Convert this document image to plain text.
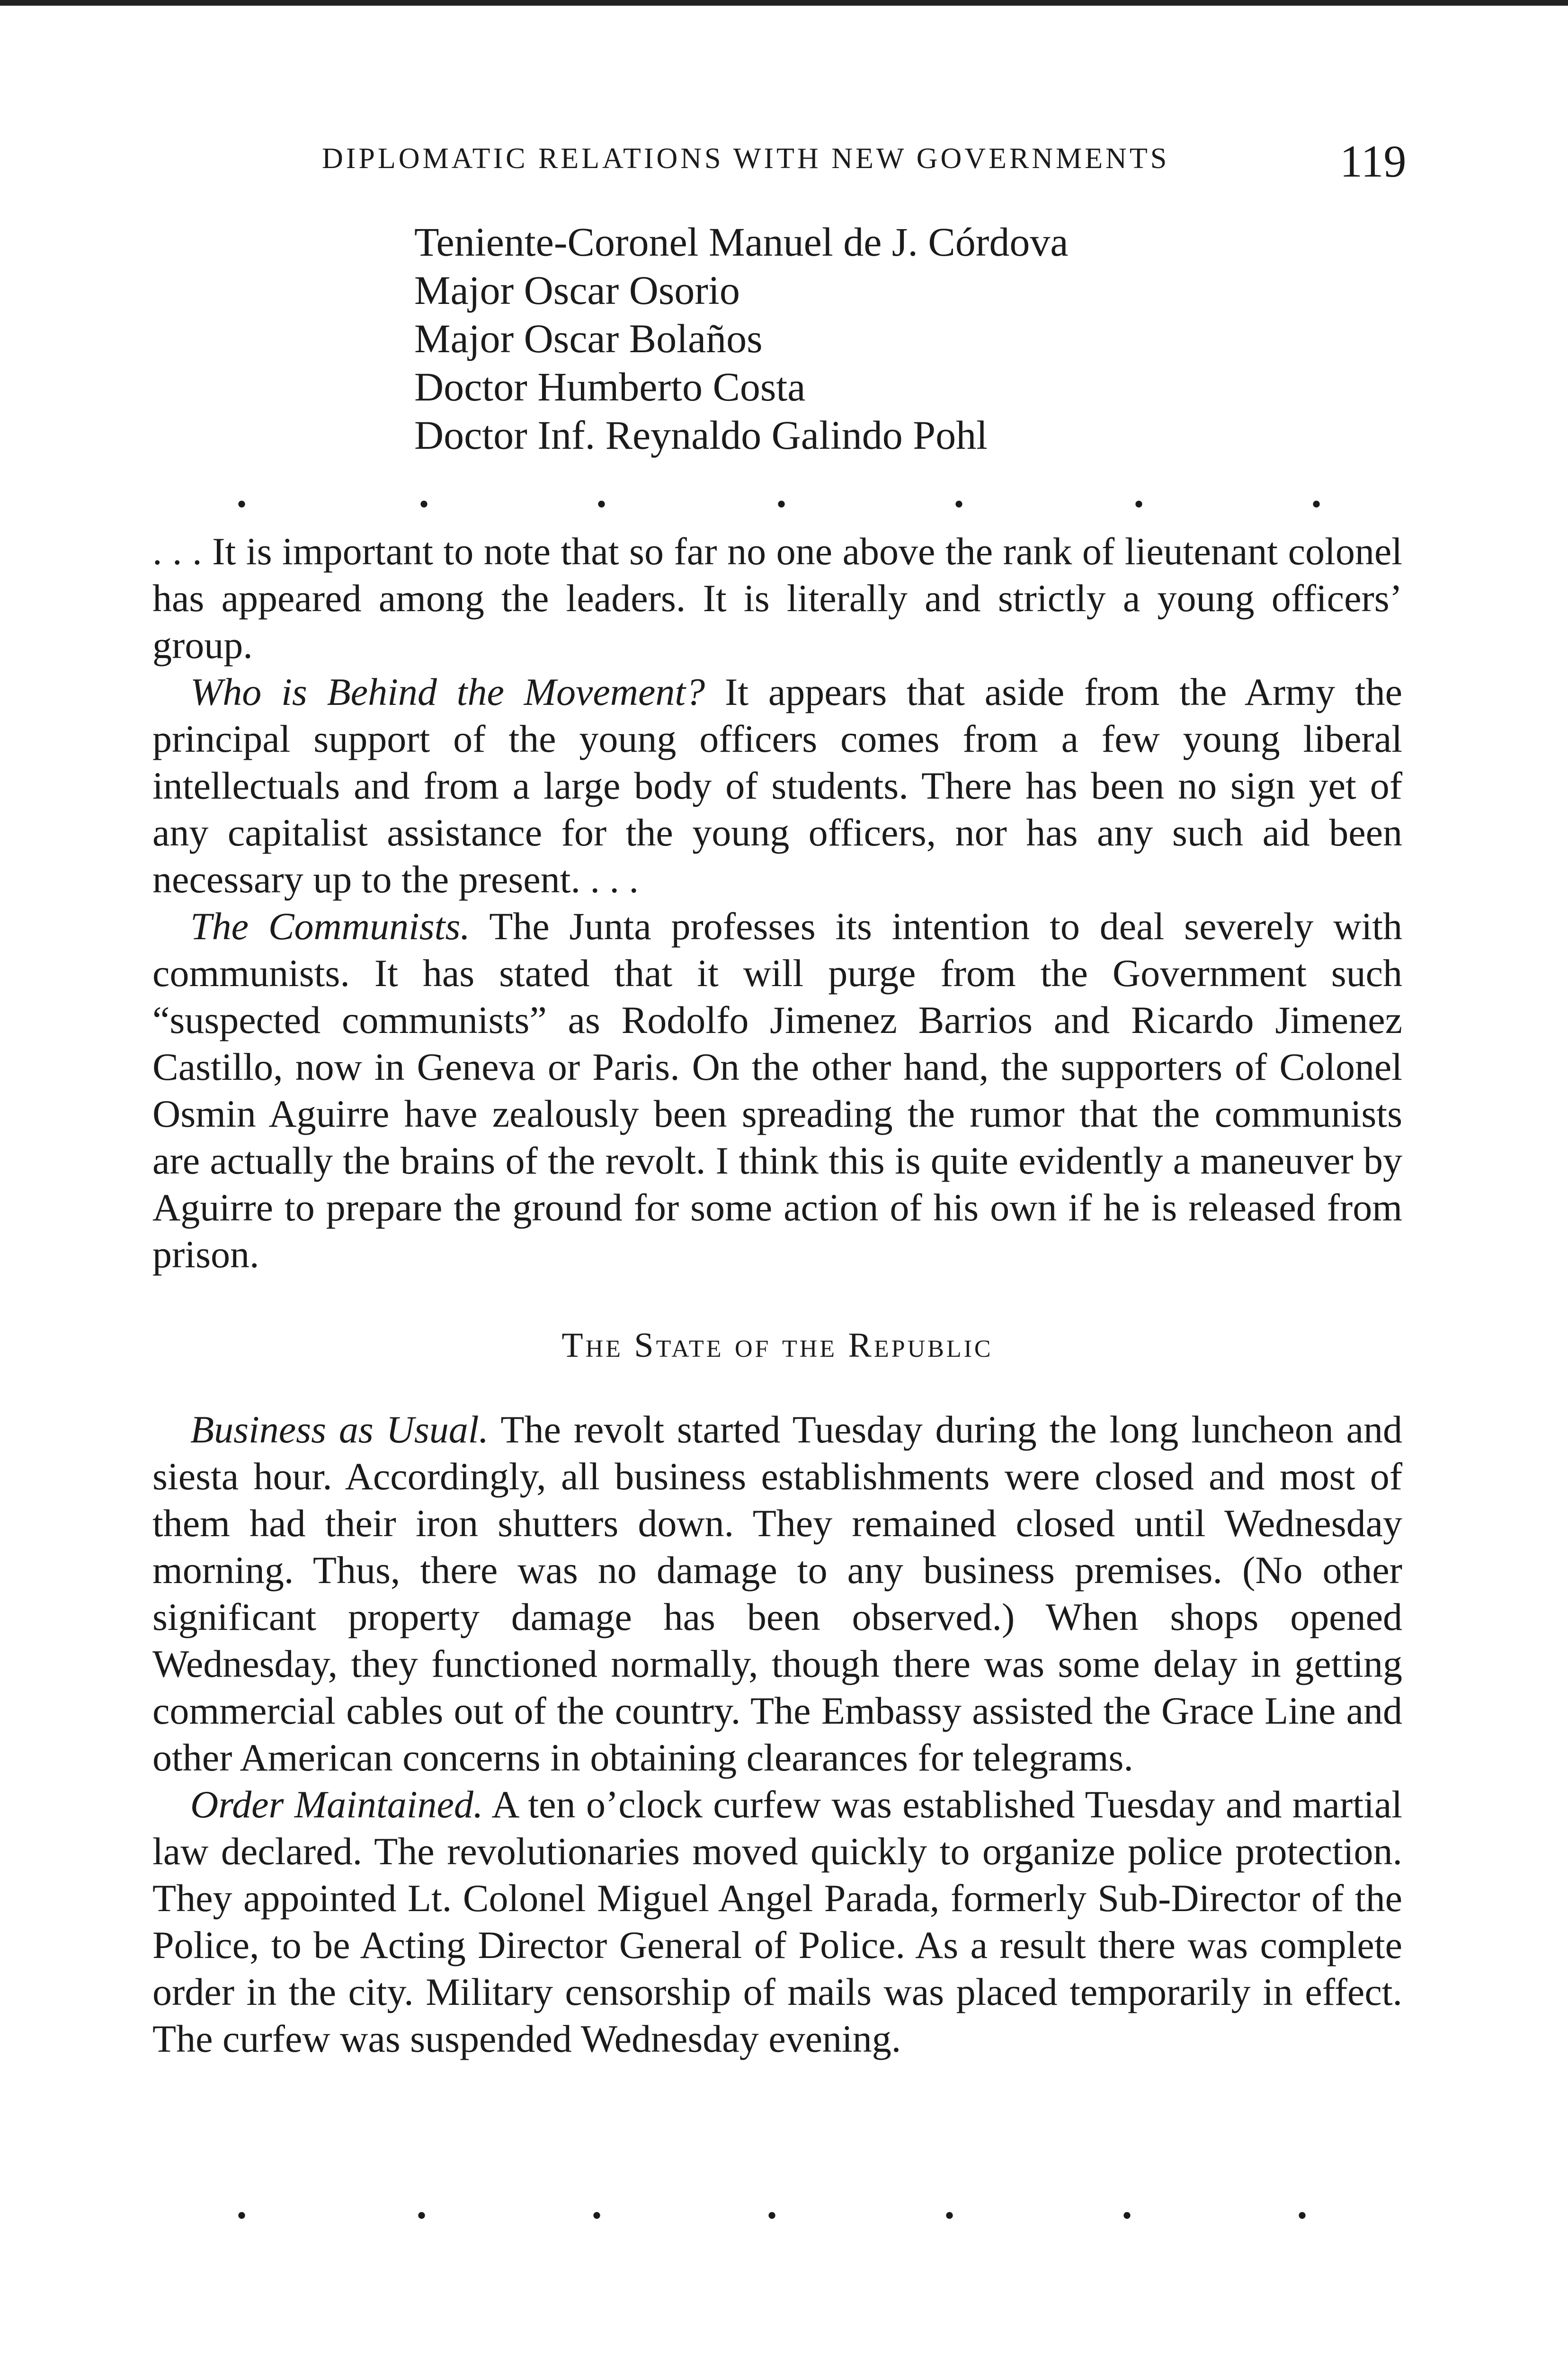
DIPLOMATIC RELATIONS WITH NEW GOVERNMENTS	119
Teniente-Coronel Manuel de J. Córdova
Major Oscar Osorio
Major Oscar Bolaños
Doctor Humberto Costa
Doctor Inf. Reynaldo Galindo Pohl
•	•	•	•	•	•	•

. . . It is important to note that so far no one above the rank of lieutenant colonel has appeared among the leaders. It is literally and strictly a young officers’ group.

Who is Behind the Movement? It appears that aside from the Army the principal support of the young officers comes from a few young liberal intellectuals and from a large body of students. There has been no sign yet of any capitalist assistance for the young officers, nor has any such aid been necessary up to the present. . . .

The Communists. The Junta professes its intention to deal severely with communists. It has stated that it will purge from the Government such “suspected communists” as Rodolfo Jimenez Barrios and Ricardo Jimenez Castillo, now in Geneva or Paris. On the other hand, the supporters of Colonel Osmin Aguirre have zealously been spreading the rumor that the communists are actually the brains of the revolt. I think this is quite evidently a maneuver by Aguirre to prepare the ground for some action of his own if he is released from prison.

The State of the Republic

Business as Usual. The revolt started Tuesday during the long luncheon and siesta hour. Accordingly, all business establishments were closed and most of them had their iron shutters down. They remained closed until Wednesday morning. Thus, there was no damage to any business premises. (No other significant property damage has been observed.) When shops opened Wednesday, they functioned normally, though there was some delay in getting commercial cables out of the country. The Embassy assisted the Grace Line and other American concerns in obtaining clearances for telegrams.

Order Maintained. A ten o’clock curfew was established Tuesday and martial law declared. The revolutionaries moved quickly to organize police protection. They appointed Lt. Colonel Miguel Angel Parada, formerly Sub-Director of the Police, to be Acting Director General of Police. As a result there was complete order in the city. Military censorship of mails was placed temporarily in effect. The curfew was suspended Wednesday evening.

•	•	•	•	•	•	•
